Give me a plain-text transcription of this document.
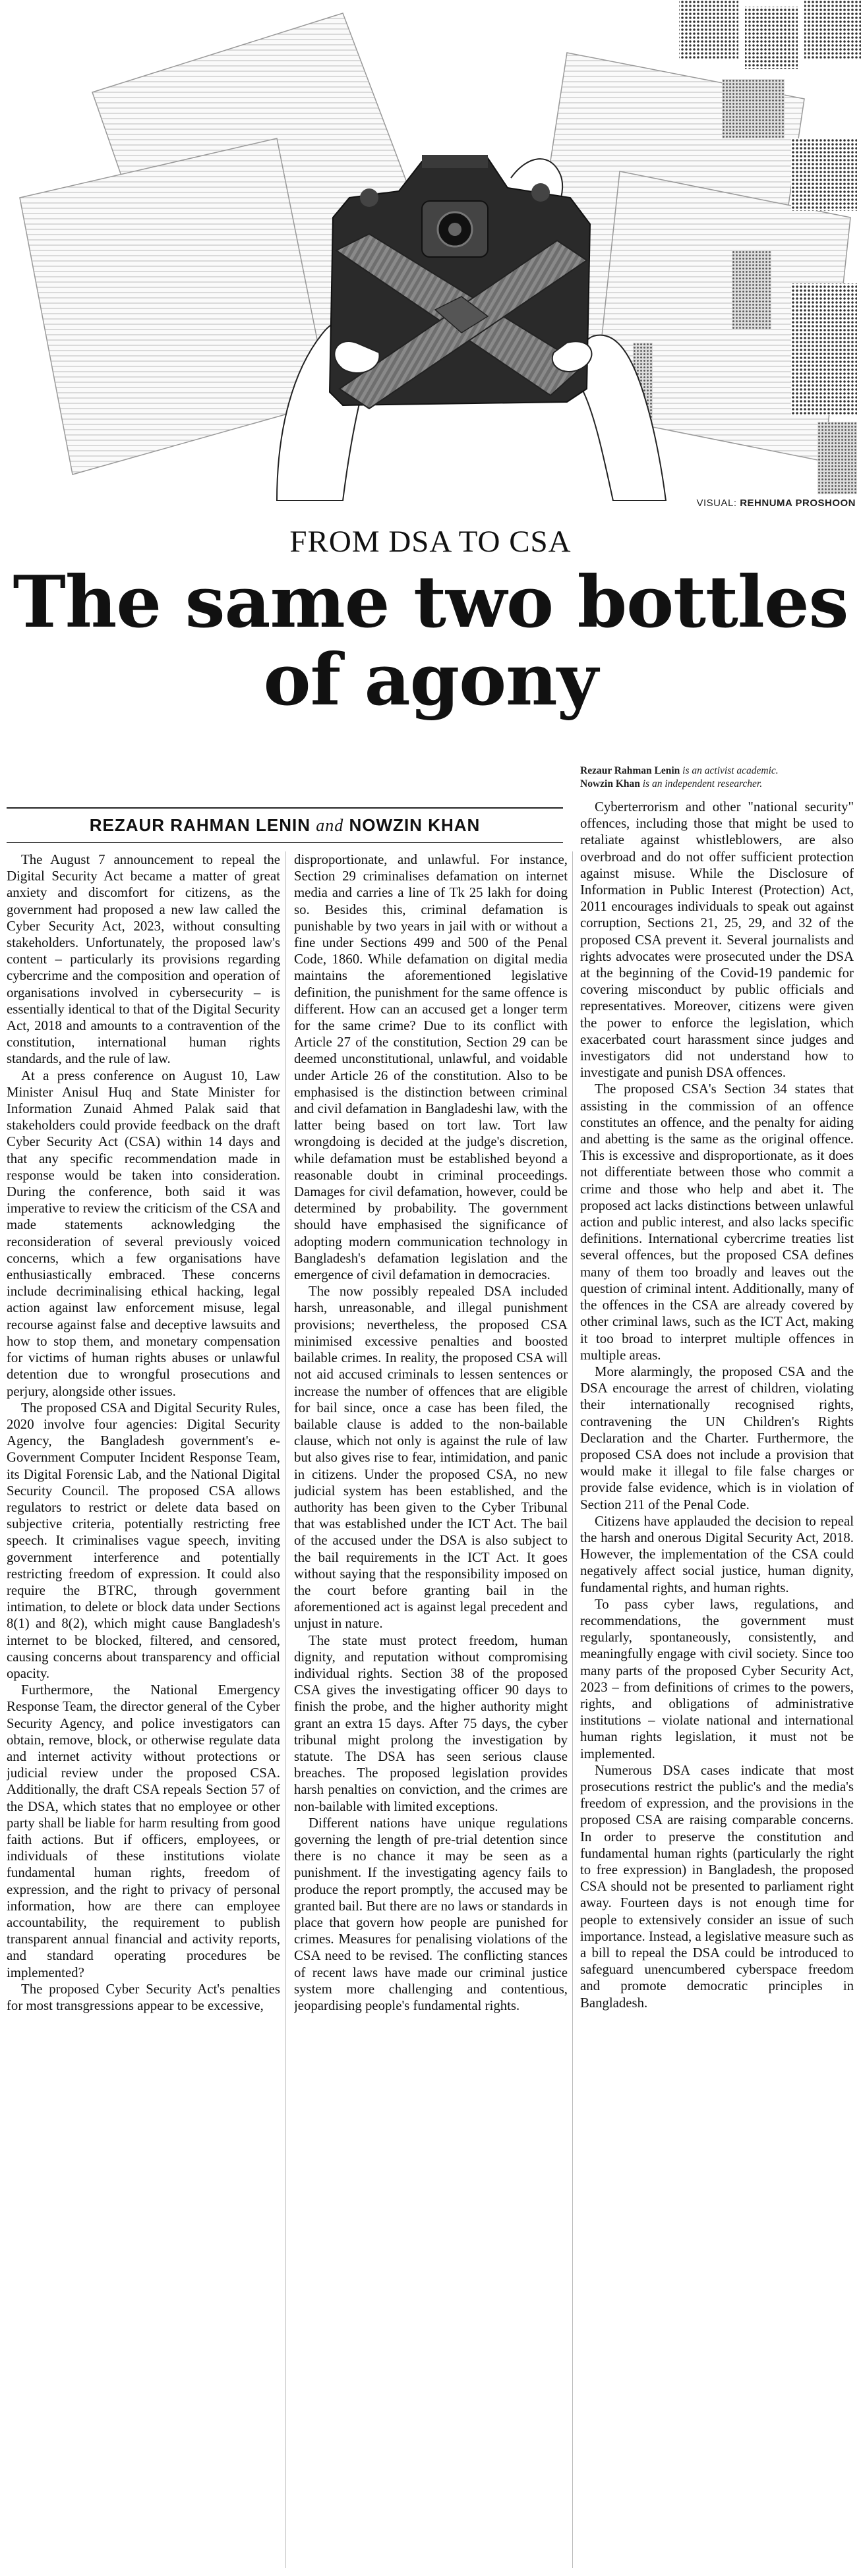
VISUAL: REHNUMA PROSHOON
FROM DSA TO CSA
The same two bottles
of agony
Rezaur Rahman Lenin is an activist academic.
Nowzin Khan is an independent researcher.
REZAUR RAHMAN LENIN and NOWZIN KHAN

The August 7 announcement to repeal the Digital Security Act became a matter of great anxiety and discomfort for citizens, as the government had proposed a new law called the Cyber Security Act, 2023, without consulting stakeholders. Unfortunately, the proposed law's content – particularly its provisions regarding cybercrime and the composition and operation of organisations involved in cybersecurity – is essentially identical to that of the Digital Security Act, 2018 and amounts to a contravention of the constitution, international human rights standards, and the rule of law.

At a press conference on August 10, Law Minister Anisul Huq and State Minister for Information Zunaid Ahmed Palak said that stakeholders could provide feedback on the draft Cyber Security Act (CSA) within 14 days and that any specific recommendation made in response would be taken into consideration. During the conference, both said it was imperative to review the criticism of the CSA and made statements acknowledging the reconsideration of several previously voiced concerns, which a few organisations have enthusiastically embraced. These concerns include decriminalising ethical hacking, legal action against law enforcement misuse, legal recourse against false and deceptive lawsuits and how to stop them, and monetary compensation for victims of human rights abuses or unlawful detention due to wrongful prosecutions and perjury, alongside other issues.

The proposed CSA and Digital Security Rules, 2020 involve four agencies: Digital Security Agency, the Bangladesh government's e-Government Computer Incident Response Team, its Digital Forensic Lab, and the National Digital Security Council. The proposed CSA allows regulators to restrict or delete data based on subjective criteria, potentially restricting free speech. It criminalises vague speech, inviting government interference and potentially restricting freedom of expression. It could also require the BTRC, through government intimation, to delete or block data under Sections 8(1) and 8(2), which might cause Bangladesh's internet to be blocked, filtered, and censored, causing concerns about transparency and official opacity.

Furthermore, the National Emergency Response Team, the director general of the Cyber Security Agency, and police investigators can obtain, remove, block, or otherwise regulate data and internet activity without protections or judicial review under the proposed CSA. Additionally, the draft CSA repeals Section 57 of the DSA, which states that no employee or other party shall be liable for harm resulting from good faith actions. But if officers, employees, or individuals of these institutions violate fundamental human rights, freedom of expression, and the right to privacy of personal information, how are there can employee accountability, the requirement to publish transparent annual financial and activity reports, and standard operating procedures be implemented?

The proposed Cyber Security Act's penalties for most transgressions appear to be excessive,

disproportionate, and unlawful. For instance, Section 29 criminalises defamation on internet media and carries a line of Tk 25 lakh for doing so. Besides this, criminal defamation is punishable by two years in jail with or without a fine under Sections 499 and 500 of the Penal Code, 1860. While defamation on digital media maintains the aforementioned legislative definition, the punishment for the same offence is different. How can an accused get a longer term for the same crime? Due to its conflict with Article 27 of the constitution, Section 29 can be deemed unconstitutional, unlawful, and voidable under Article 26 of the constitution. Also to be emphasised is the distinction between criminal and civil defamation in Bangladeshi law, with the latter being based on tort law. Tort law wrongdoing is decided at the judge's discretion, while defamation must be established beyond a reasonable doubt in criminal proceedings. Damages for civil defamation, however, could be determined by probability. The government should have emphasised the significance of adopting modern communication technology in Bangladesh's defamation legislation and the emergence of civil defamation in democracies.

The now possibly repealed DSA included harsh, unreasonable, and illegal punishment provisions; nevertheless, the proposed CSA minimised excessive penalties and boosted bailable crimes. In reality, the proposed CSA will not aid accused criminals to lessen sentences or increase the number of offences that are eligible for bail since, once a case has been filed, the bailable clause is added to the non-bailable clause, which not only is against the rule of law but also gives rise to fear, intimidation, and panic in citizens. Under the proposed CSA, no new judicial system has been established, and the authority has been given to the Cyber Tribunal that was established under the ICT Act. The bail of the accused under the DSA is also subject to the bail requirements in the ICT Act. It goes without saying that the responsibility imposed on the court before granting bail in the aforementioned act is against legal precedent and unjust in nature.

The state must protect freedom, human dignity, and reputation without compromising individual rights. Section 38 of the proposed CSA gives the investigating officer 90 days to finish the probe, and the higher authority might grant an extra 15 days. After 75 days, the cyber tribunal might prolong the investigation by statute. The DSA has seen serious clause breaches. The proposed legislation provides harsh penalties on conviction, and the crimes are non-bailable with limited exceptions.

Different nations have unique regulations governing the length of pre-trial detention since there is no chance it may be seen as a punishment. If the investigating agency fails to produce the report promptly, the accused may be granted bail. But there are no laws or standards in place that govern how people are punished for crimes. Measures for penalising violations of the CSA need to be revised. The conflicting stances of recent laws have made our criminal justice system more challenging and contentious, jeopardising people's fundamental rights.

Cyberterrorism and other "national security" offences, including those that might be used to retaliate against whistleblowers, are also overbroad and do not offer sufficient protection against misuse. While the Disclosure of Information in Public Interest (Protection) Act, 2011 encourages individuals to speak out against corruption, Sections 21, 25, 29, and 32 of the proposed CSA prevent it. Several journalists and rights advocates were prosecuted under the DSA at the beginning of the Covid-19 pandemic for covering misconduct by public officials and representatives. Moreover, citizens were given the power to enforce the legislation, which exacerbated court harassment since judges and investigators did not understand how to investigate and punish DSA offences.

The proposed CSA's Section 34 states that assisting in the commission of an offence constitutes an offence, and the penalty for aiding and abetting is the same as the original offence. This is excessive and disproportionate, as it does not differentiate between those who commit a crime and those who help and abet it. The proposed act lacks distinctions between unlawful action and public interest, and also lacks specific definitions. International cybercrime treaties list several offences, but the proposed CSA defines many of them too broadly and leaves out the question of criminal intent. Additionally, many of the offences in the CSA are already covered by other criminal laws, such as the ICT Act, making it too broad to interpret multiple offences in multiple areas.

More alarmingly, the proposed CSA and the DSA encourage the arrest of children, violating their internationally recognised rights, contravening the UN Children's Rights Declaration and the Charter. Furthermore, the proposed CSA does not include a provision that would make it illegal to file false charges or provide false evidence, which is in violation of Section 211 of the Penal Code.

Citizens have applauded the decision to repeal the harsh and onerous Digital Security Act, 2018. However, the implementation of the CSA could negatively affect social justice, human dignity, fundamental rights, and human rights.

To pass cyber laws, regulations, and recommendations, the government must regularly, spontaneously, consistently, and meaningfully engage with civil society. Since too many parts of the proposed Cyber Security Act, 2023 – from definitions of crimes to the powers, rights, and obligations of administrative institutions – violate national and international human rights legislation, it must not be implemented.

Numerous DSA cases indicate that most prosecutions restrict the public's and the media's freedom of expression, and the provisions in the proposed CSA are raising comparable concerns. In order to preserve the constitution and fundamental human rights (particularly the right to free expression) in Bangladesh, the proposed CSA should not be presented to parliament right away. Fourteen days is not enough time for people to extensively consider an issue of such importance. Instead, a legislative measure such as a bill to repeal the DSA could be introduced to safeguard unencumbered cyberspace freedom and promote democratic principles in Bangladesh.
